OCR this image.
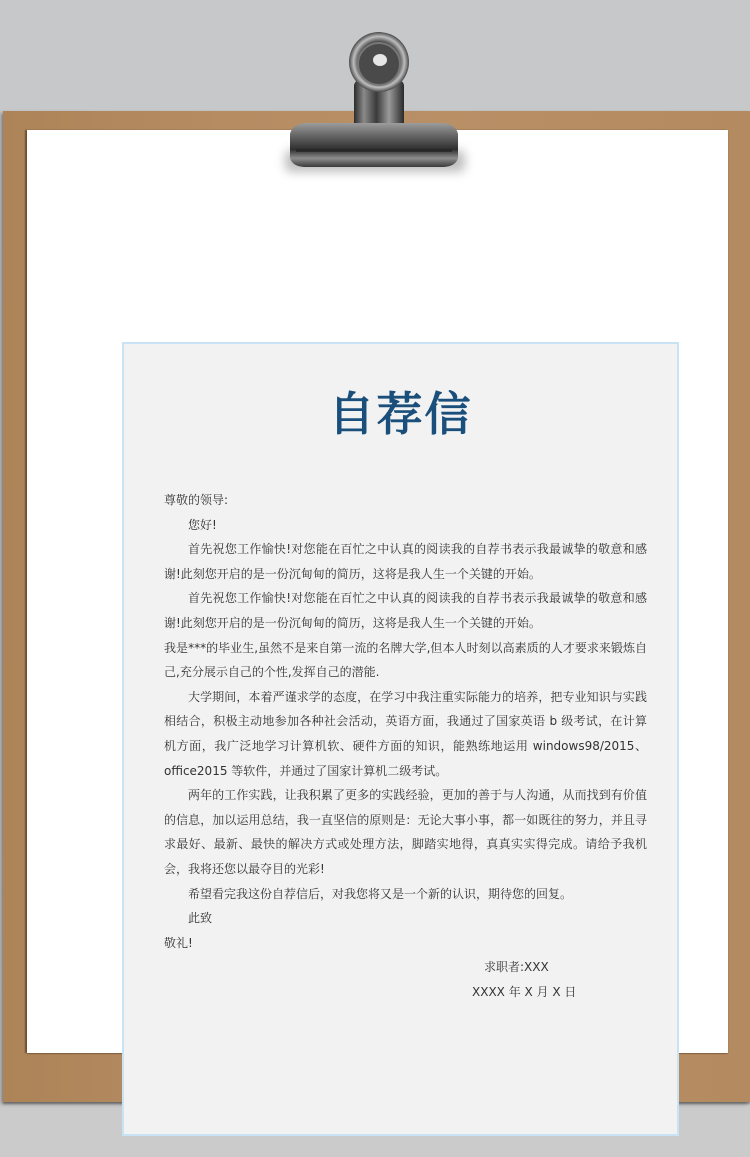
自荐信

尊敬的领导:

您好!

首先祝您工作愉快!对您能在百忙之中认真的阅读我的自荐书表示我最诚挚的敬意和感谢!此刻您开启的是一份沉甸甸的简历，这将是我人生一个关键的开始。

首先祝您工作愉快!对您能在百忙之中认真的阅读我的自荐书表示我最诚挚的敬意和感谢!此刻您开启的是一份沉甸甸的简历，这将是我人生一个关键的开始。

我是***的毕业生,虽然不是来自第一流的名牌大学,但本人时刻以高素质的人才要求来锻炼自己,充分展示自己的个性,发挥自己的潜能.

大学期间，本着严谨求学的态度，在学习中我注重实际能力的培养，把专业知识与实践相结合，积极主动地参加各种社会活动，英语方面，我通过了国家英语 b 级考试，在计算机方面，我广泛地学习计算机软、硬件方面的知识，能熟练地运用 windows98/2015、office2015 等软件，并通过了国家计算机二级考试。

两年的工作实践，让我积累了更多的实践经验，更加的善于与人沟通，从而找到有价值的信息，加以运用总结，我一直坚信的原则是：无论大事小事，都一如既往的努力，并且寻求最好、最新、最快的解决方式或处理方法，脚踏实地得，真真实实得完成。请给予我机会，我将还您以最夺目的光彩!

希望看完我这份自荐信后，对我您将又是一个新的认识，期待您的回复。

此致

敬礼!

求职者:XXX

XXXX 年 X 月 X 日
